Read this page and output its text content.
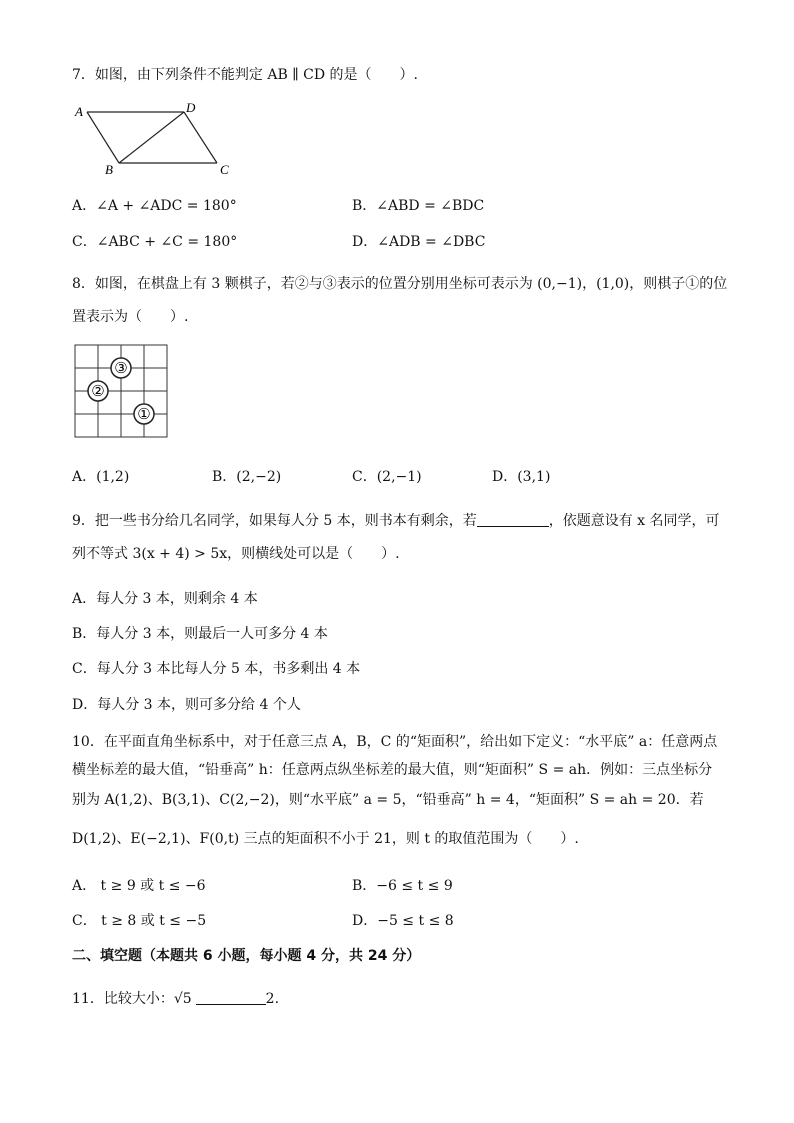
7．如图，由下列条件不能判定 AB ∥ CD 的是（　　）.
A	D
B	C
A．∠A + ∠ADC = 180°	B．∠ABD = ∠BDC
C．∠ABC + ∠C = 180°	D．∠ADB = ∠DBC
8．如图，在棋盘上有 3 颗棋子，若②与③表示的位置分别用坐标可表示为 (0,−1)，(1,0)，则棋子①的位
置表示为（　　）.
①
②
③
A．(1,2)	B．(2,−2)	C．(2,−1)	D．(3,1)
9．把一些书分给几名同学，如果每人分 5 本，则书本有剩余，若	，依题意设有 x 名同学，可
列不等式 3(x + 4) > 5x，则横线处可以是（　　）.
A．每人分 3 本，则剩余 4 本
B．每人分 3 本，则最后一人可多分 4 本
C．每人分 3 本比每人分 5 本，书多剩出 4 本
D．每人分 3 本，则可多分给 4 个人
10．在平面直角坐标系中，对于任意三点 A，B，C 的“矩面积”，给出如下定义：“水平底” a：任意两点
横坐标差的最大值，“铅垂高” h：任意两点纵坐标差的最大值，则“矩面积” S = ah．例如：三点坐标分
别为 A(1,2)、B(3,1)、C(2,−2)，则“水平底” a = 5，“铅垂高” h = 4，“矩面积” S = ah = 20．若
D(1,2)、E(−2,1)、F(0,t) 三点的矩面积不小于 21，则 t 的取值范围为（　　）.
A． t ≥ 9 或 t ≤ −6	B．−6 ≤ t ≤ 9
C． t ≥ 8 或 t ≤ −5	D．−5 ≤ t ≤ 8
二、填空题（本题共 6 小题，每小题 4 分，共 24 分）
11．比较大小：√5	2.
